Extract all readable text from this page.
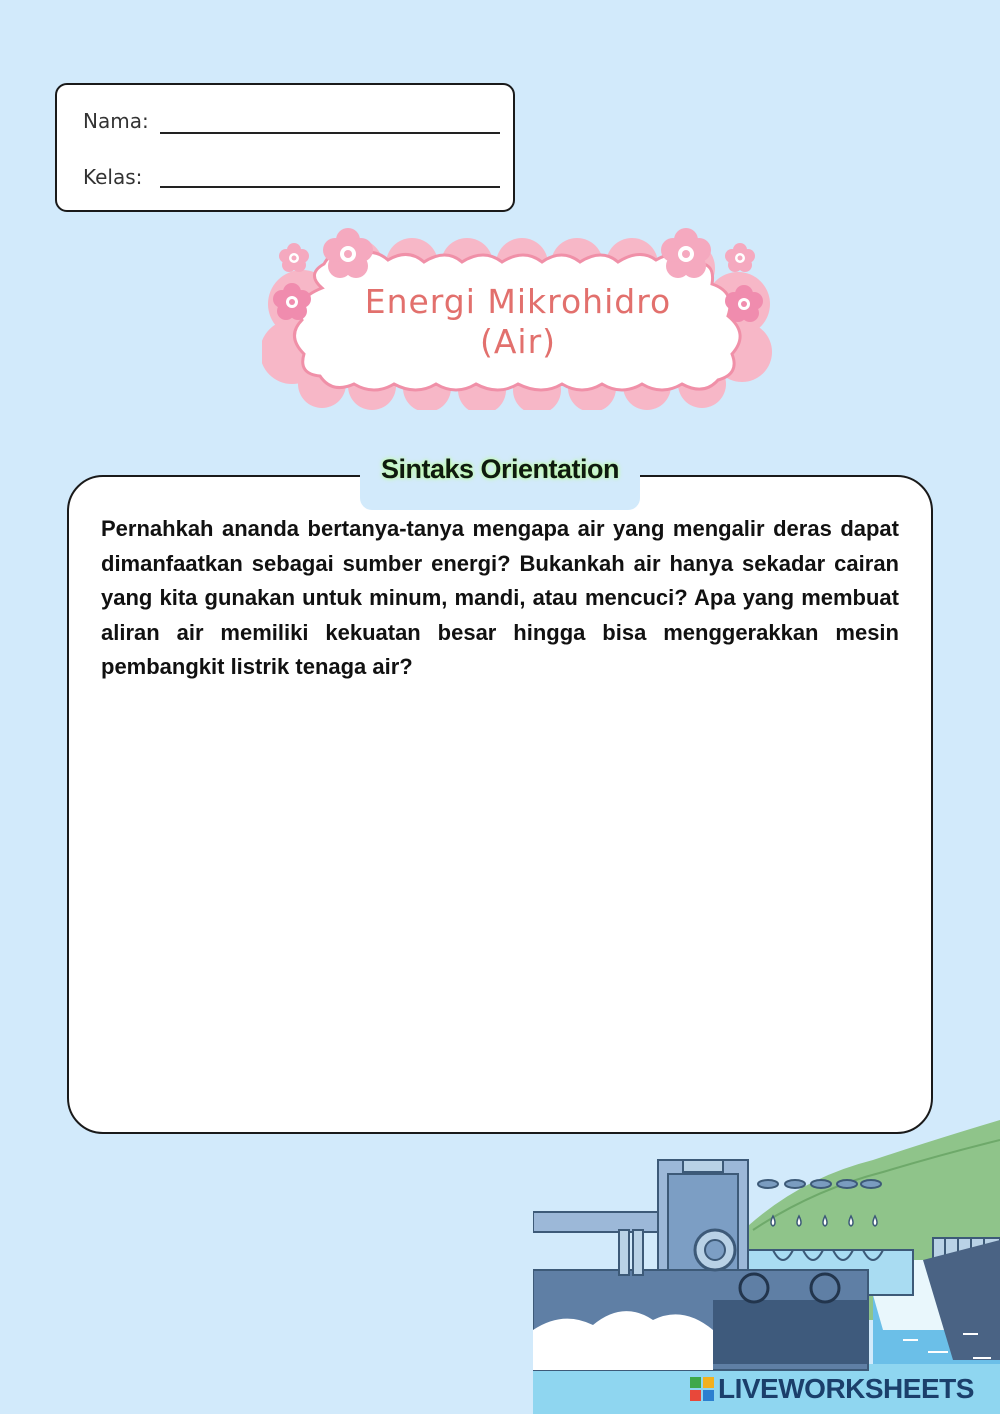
Nama:
Kelas:
Energi Mikrohidro
(Air)
Sintaks Orientation

Pernahkah ananda bertanya-tanya mengapa air yang mengalir deras dapat dimanfaatkan sebagai sumber energi? Bukankah air hanya sekadar cairan yang kita gunakan untuk minum, mandi, atau mencuci? Apa yang membuat aliran air memiliki kekuatan besar hingga bisa menggerakkan mesin pembangkit listrik tenaga air?

LIVEWORKSHEETS
